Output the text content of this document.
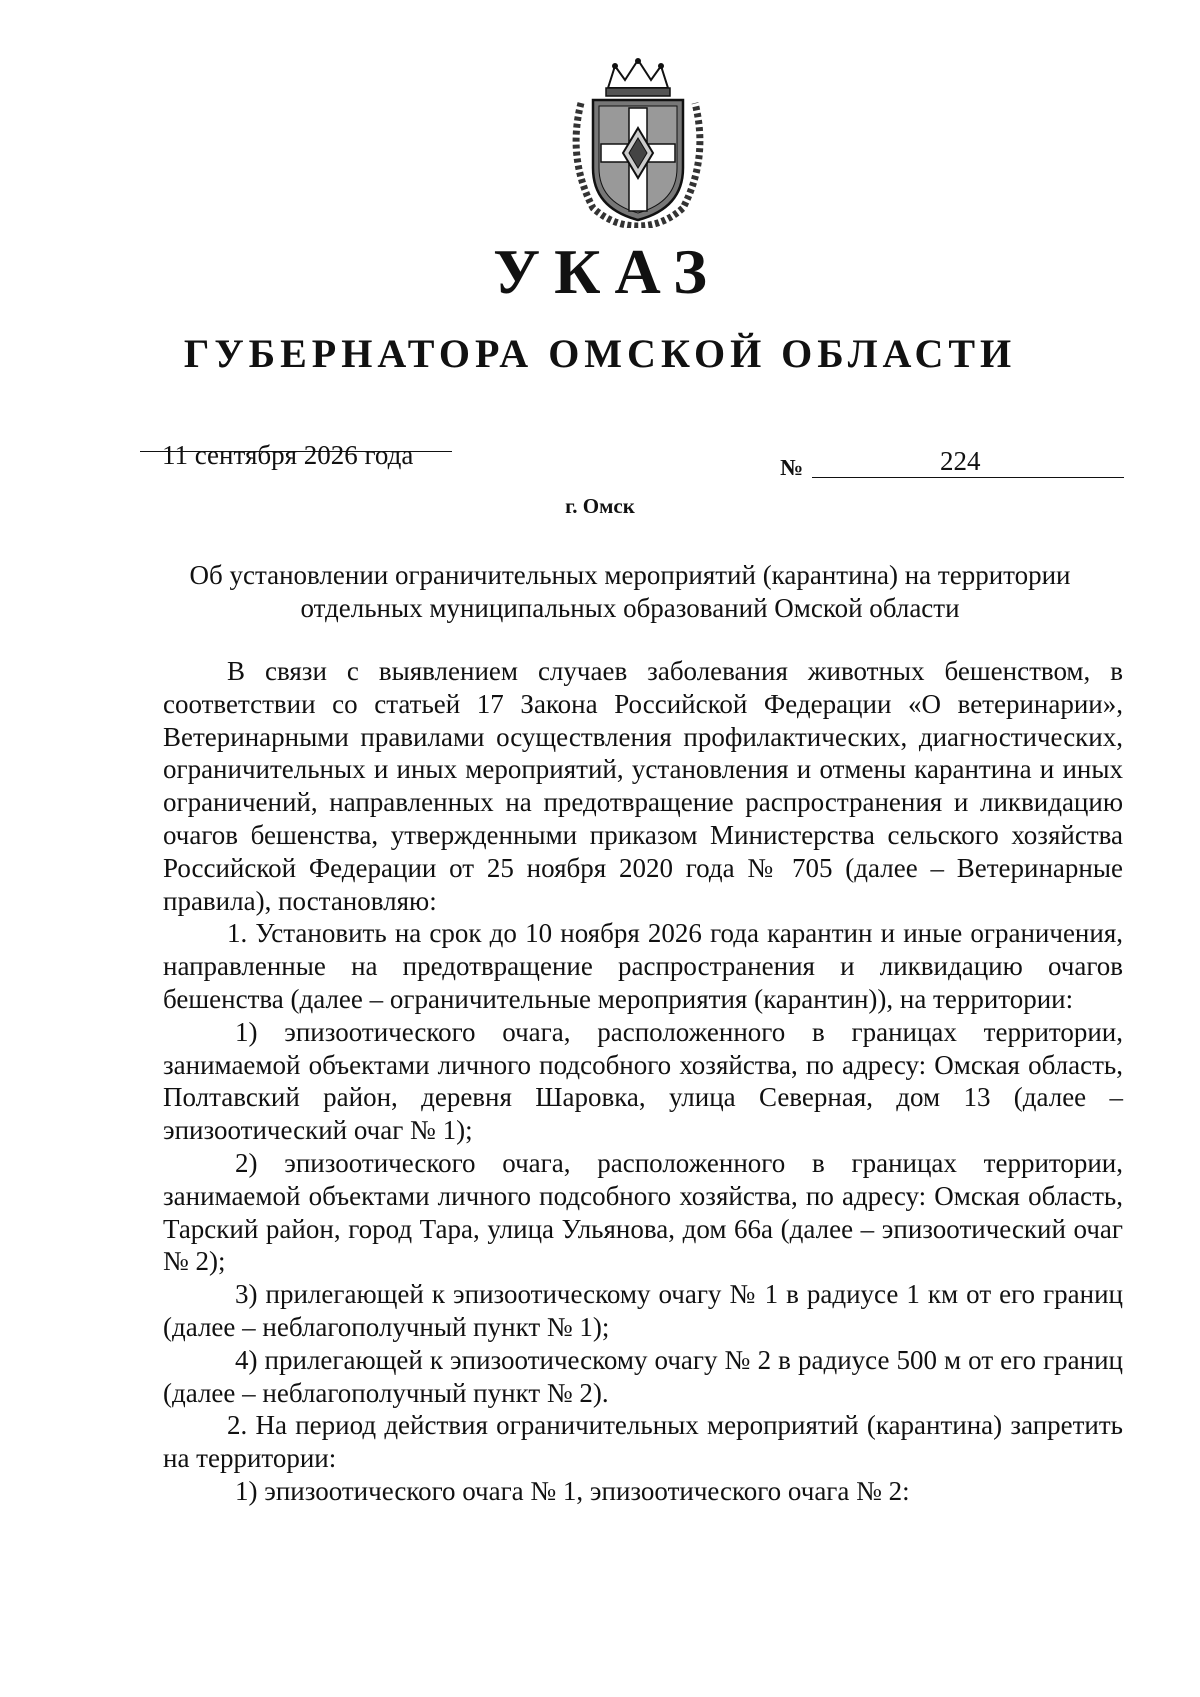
УКАЗ
ГУБЕРНАТОРА ОМСКОЙ ОБЛАСТИ
11 сентября 2026 года	№	224
г. Омск
Об установлении ограничительных мероприятий (карантина) на территории
отдельных муниципальных образований Омской области

В связи с выявлением случаев заболевания животных бешенством, в соответствии со статьей 17 Закона Российской Федерации «О ветеринарии», Ветеринарными правилами осуществления профилактических, диагностических, ограничительных и иных мероприятий, установления и отмены карантина и иных ограничений, направленных на предотвращение распространения и ликвидацию очагов бешенства, утвержденными приказом Министерства сельского хозяйства Российской Федерации от 25 ноября 2020 года № 705 (далее – Ветеринарные правила), постановляю:

1. Установить на срок до 10 ноября 2026 года карантин и иные ограничения, направленные на предотвращение распространения и ликвидацию очагов бешенства (далее – ограничительные мероприятия (карантин)), на территории:

1) эпизоотического очага, расположенного в границах территории, занимаемой объектами личного подсобного хозяйства, по адресу: Омская область, Полтавский район, деревня Шаровка, улица Северная, дом 13 (далее – эпизоотический очаг № 1);

2) эпизоотического очага, расположенного в границах территории, занимаемой объектами личного подсобного хозяйства, по адресу: Омская область, Тарский район, город Тара, улица Ульянова, дом 66а (далее – эпизоотический очаг № 2);

3) прилегающей к эпизоотическому очагу № 1 в радиусе 1 км от его границ (далее – неблагополучный пункт № 1);

4) прилегающей к эпизоотическому очагу № 2 в радиусе 500 м от его границ (далее – неблагополучный пункт № 2).

2. На период действия ограничительных мероприятий (карантина) запретить на территории:

1) эпизоотического очага № 1, эпизоотического очага № 2:
